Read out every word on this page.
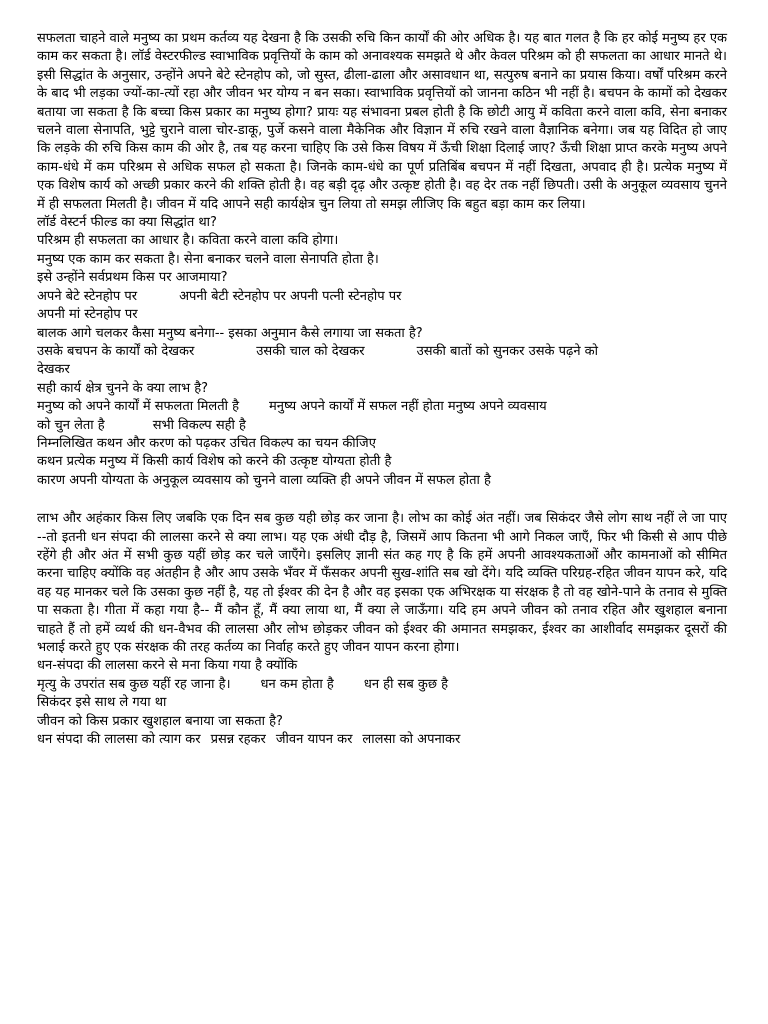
सफलता चाहने वाले मनुष्य का प्रथम कर्तव्य यह देखना है कि उसकी रुचि किन कार्यों की ओर अधिक है। यह बात गलत है कि हर कोई मनुष्य हर एक काम कर सकता है। लॉर्ड वेस्टरफील्ड स्वाभाविक प्रवृत्तियों के काम को अनावश्यक समझते थे और केवल परिश्रम को ही सफलता का आधार मानते थे। इसी सिद्धांत के अनुसार, उन्होंने अपने बेटे स्टेनहोप को, जो सुस्त, ढीला-ढाला और असावधान था, सत्पुरुष बनाने का प्रयास किया। वर्षों परिश्रम करने के बाद भी लड़का ज्यों-का-त्यों रहा और जीवन भर योग्य न बन सका। स्वाभाविक प्रवृत्तियों को जानना कठिन भी नहीं है। बचपन के कामों को देखकर बताया जा सकता है कि बच्चा किस प्रकार का मनुष्य होगा? प्रायः यह संभावना प्रबल होती है कि छोटी आयु में कविता करने वाला कवि, सेना बनाकर चलने वाला सेनापति, भुट्टे चुराने वाला चोर-डाकू, पुर्जे कसने वाला मैकेनिक और विज्ञान में रुचि रखने वाला वैज्ञानिक बनेगा। जब यह विदित हो जाए कि लड़के की रुचि किस काम की ओर है, तब यह करना चाहिए कि उसे किस विषय में ऊँची शिक्षा दिलाई जाए? ऊँची शिक्षा प्राप्त करके मनुष्य अपने काम-धंधे में कम परिश्रम से अधिक सफल हो सकता है। जिनके काम-धंधे का पूर्ण प्रतिबिंब बचपन में नहीं दिखता, अपवाद ही है। प्रत्येक मनुष्य में एक विशेष कार्य को अच्छी प्रकार करने की शक्ति होती है। वह बड़ी दृढ़ और उत्कृष्ट होती है। वह देर तक नहीं छिपती। उसी के अनुकूल व्यवसाय चुनने में ही सफलता मिलती है। जीवन में यदि आपने सही कार्यक्षेत्र चुन लिया तो समझ लीजिए कि बहुत बड़ा काम कर लिया।

लॉर्ड वेस्टर्न फील्ड का क्या सिद्धांत था?
परिश्रम ही सफलता का आधार है। कविता करने वाला कवि होगा।
मनुष्य एक काम कर सकता है। सेना बनाकर चलने वाला सेनापति होता है।
इसे उन्होंने सर्वप्रथम किस पर आजमाया?
अपने बेटे स्टेनहोप पर	अपनी बेटी स्टेनहोप पर अपनी पत्नी स्टेनहोप पर
अपनी मां स्टेनहोप पर
बालक आगे चलकर कैसा मनुष्य बनेगा-- इसका अनुमान कैसे लगाया जा सकता है?
उसके बचपन के कार्यों को देखकर	उसकी चाल को देखकर	उसकी बातों को सुनकर उसके पढ़ने को
देखकर
सही कार्य क्षेत्र चुनने के क्या लाभ है?
मनुष्य को अपने कार्यों में सफलता मिलती है मनुष्य अपने कार्यों में सफल नहीं होता मनुष्य अपने व्यवसाय
को चुन लेता है	सभी विकल्प सही है
निम्नलिखित कथन और करण को पढ़कर उचित विकल्प का चयन कीजिए
कथन प्रत्येक मनुष्य में किसी कार्य विशेष को करने की उत्कृष्ट योग्यता होती है
कारण अपनी योग्यता के अनुकूल व्यवसाय को चुनने वाला व्यक्ति ही अपने जीवन में सफल होता है

लाभ और अहंकार किस लिए जबकि एक दिन सब कुछ यही छोड़ कर जाना है। लोभ का कोई अंत नहीं। जब सिकंदर जैसे लोग साथ नहीं ले जा पाए --तो इतनी धन संपदा की लालसा करने से क्या लाभ। यह एक अंधी दौड़ है, जिसमें आप कितना भी आगे निकल जाएँ, फिर भी किसी से आप पीछे रहेंगे ही और अंत में सभी कुछ यहीं छोड़ कर चले जाएँगे। इसलिए ज्ञानी संत कह गए है कि हमें अपनी आवश्यकताओं और कामनाओं को सीमित करना चाहिए क्योंकि वह अंतहीन है और आप उसके भँवर में फँसकर अपनी सुख-शांति सब खो देंगे। यदि व्यक्ति परिग्रह-रहित जीवन यापन करे, यदि वह यह मानकर चले कि उसका कुछ नहीं है, यह तो ईश्वर की देन है और वह इसका एक अभिरक्षक या संरक्षक है तो वह खोने-पाने के तनाव से मुक्ति पा सकता है। गीता में कहा गया है-- मैं कौन हूँ, मैं क्या लाया था, मैं क्या ले जाऊँगा। यदि हम अपने जीवन को तनाव रहित और खुशहाल बनाना चाहते हैं तो हमें व्यर्थ की धन-वैभव की लालसा और लोभ छोड़कर जीवन को ईश्वर की अमानत समझकर, ईश्वर का आशीर्वाद समझकर दूसरों की भलाई करते हुए एक संरक्षक की तरह कर्तव्य का निर्वाह करते हुए जीवन यापन करना होगा।

धन-संपदा की लालसा करने से मना किया गया है क्योंकि
मृत्यु के उपरांत सब कुछ यहीं रह जाना है। धन कम होता है धन ही सब कुछ है
सिकंदर इसे साथ ले गया था
जीवन को किस प्रकार खुशहाल बनाया जा सकता है?
धन संपदा की लालसा को त्याग कर प्रसन्न रहकर जीवन यापन कर लालसा को अपनाकर
